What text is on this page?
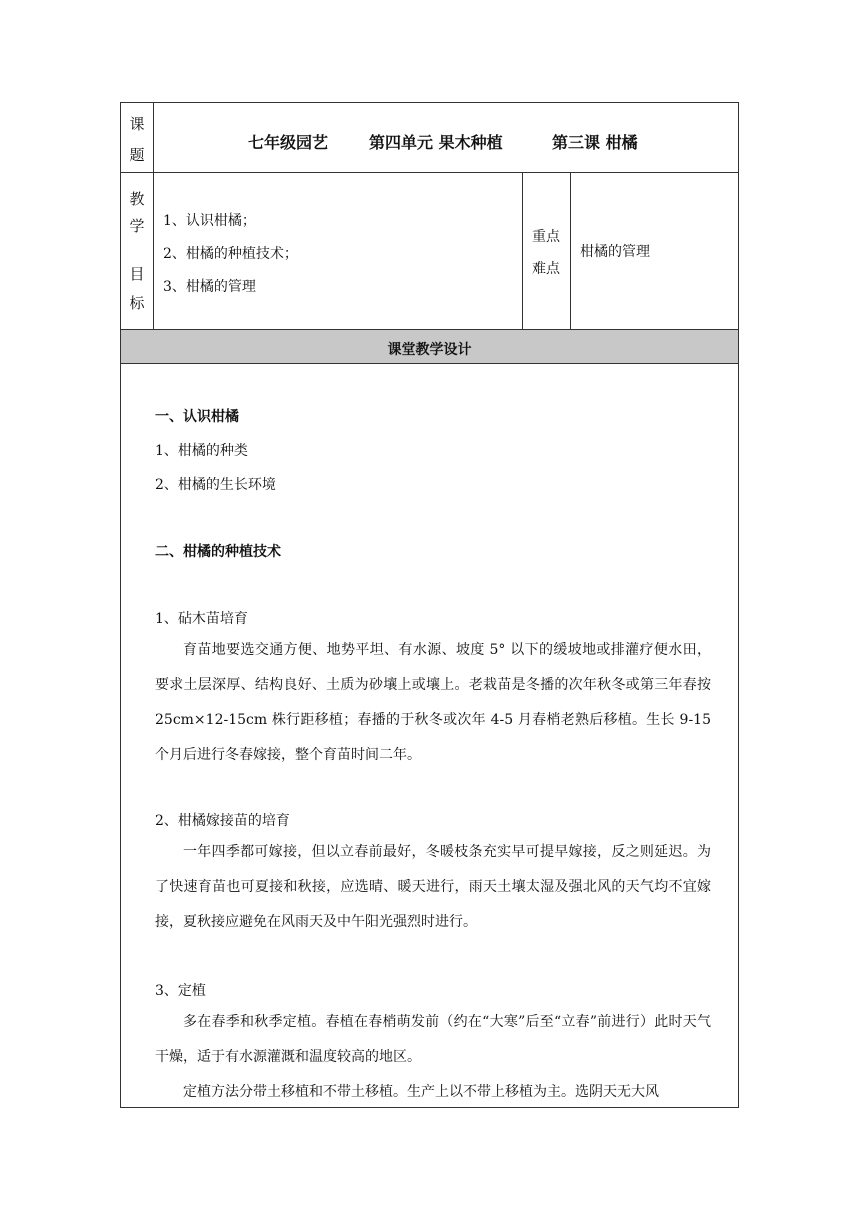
课
题
七年级园艺	第四单元 果木种植	第三课 柑橘
教
学
目
标
1、认识柑橘；
2、柑橘的种植技术；
3、柑橘的管理
重点
难点
柑橘的管理
课堂教学设计
一、认识柑橘
1、柑橘的种类
2、柑橘的生长环境
二、柑橘的种植技术
1、砧木苗培育
育苗地要选交通方便、地势平坦、有水源、坡度 5° 以下的缓坡地或排灌疗便水田，要求土层深厚、结构良好、土质为砂壤上或壤上。老栽苗是冬播的次年秋冬或第三年春按 25cm×12-15cm 株行距移植；春播的于秋冬或次年 4-5 月春梢老熟后移植。生长 9-15 个月后进行冬春嫁接，整个育苗时间二年。
2、柑橘嫁接苗的培育
一年四季都可嫁接，但以立春前最好，冬暖枝条充实早可提早嫁接，反之则延迟。为了快速育苗也可夏接和秋接，应选晴、暖天进行，雨天土壤太湿及强北风的天气均不宜嫁接，夏秋接应避免在风雨天及中午阳光强烈时进行。
3、定植
多在春季和秋季定植。春植在春梢萌发前（约在“大寒”后至“立春”前进行）此时天气干燥，适于有水源灌溉和温度较高的地区。
定植方法分带土移植和不带土移植。生产上以不带上移植为主。选阴天无大风
